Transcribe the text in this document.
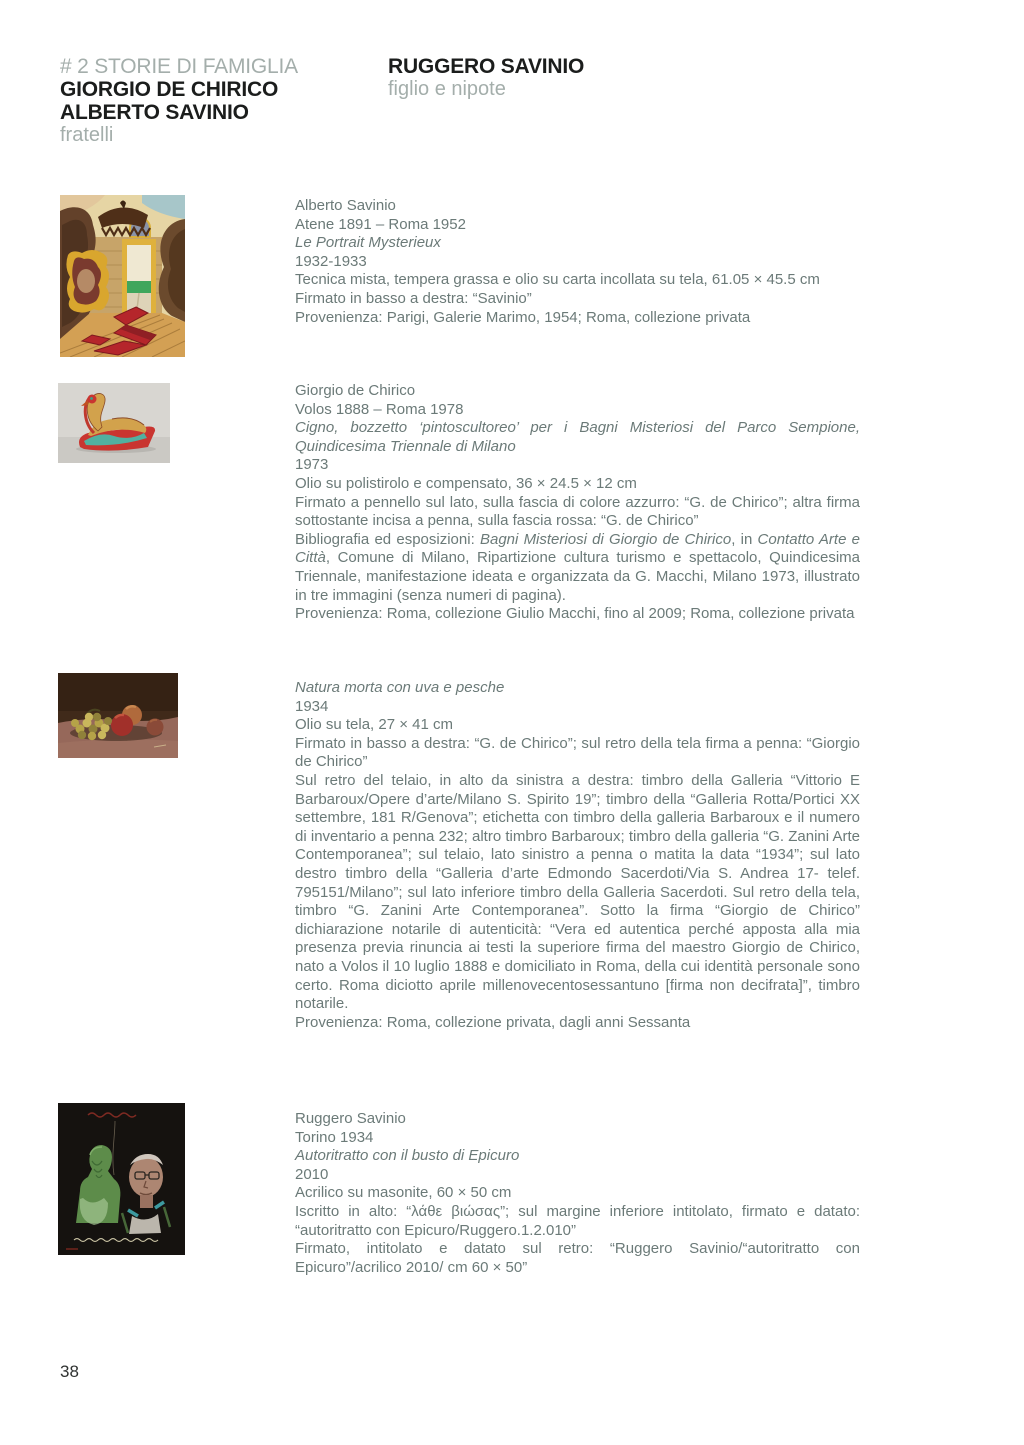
# 2 STORIE DI FAMIGLIA
GIORGIO DE CHIRICO
ALBERTO SAVINIO
fratelli
RUGGERO SAVINIO
figlio e nipote

Alberto Savinio

Atene 1891 – Roma 1952

Le Portrait Mysterieux

1932-1933

Tecnica mista, tempera grassa e olio su carta incollata su tela, 61.05 × 45.5 cm

Firmato in basso a destra: “Savinio”

Provenienza: Parigi, Galerie Marimo, 1954; Roma, collezione privata

Giorgio de Chirico

Volos 1888 – Roma 1978

Cigno, bozzetto ‘pintoscultoreo’ per i Bagni Misteriosi del Parco Sempione, Quindicesima Triennale di Milano

1973

Olio su polistirolo e compensato, 36 × 24.5 × 12 cm

Firmato a pennello sul lato, sulla fascia di colore azzurro: “G. de Chirico”; altra firma sottostante incisa a penna, sulla fascia rossa: “G. de Chirico”

Bibliografia ed esposizioni: Bagni Misteriosi di Giorgio de Chirico, in Contatto Arte e Città, Comune di Milano, Ripartizione cultura turismo e spettacolo, Quindicesima Triennale, manifestazione ideata e organizzata da G. Macchi, Milano 1973, illustrato in tre immagini (senza numeri di pagina).

Provenienza: Roma, collezione Giulio Macchi, fino al 2009; Roma, collezione privata

Natura morta con uva e pesche

1934

Olio su tela, 27 × 41 cm

Firmato in basso a destra: “G. de Chirico”; sul retro della tela firma a penna: “Giorgio de Chirico”

Sul retro del telaio, in alto da sinistra a destra: timbro della Galleria “Vittorio E Barbaroux/Opere d’arte/Milano S. Spirito 19”; timbro della “Galleria Rotta/Portici XX settembre, 181 R/Genova”; etichetta con timbro della galleria Barbaroux e il numero di inventario a penna 232; altro timbro Barbaroux; timbro della galleria “G. Zanini Arte Contemporanea”; sul telaio, lato sinistro a penna o matita la data “1934”; sul lato destro timbro della “Galleria d’arte Edmondo Sacerdoti/Via S. Andrea 17- telef. 795151/Milano”; sul lato inferiore timbro della Galleria Sacerdoti. Sul retro della tela, timbro “G. Zanini Arte Contemporanea”. Sotto la firma “Giorgio de Chirico” dichiarazione notarile di autenticità: “Vera ed autentica perché apposta alla mia presenza previa rinuncia ai testi la superiore firma del maestro Giorgio de Chirico, nato a Volos il 10 luglio 1888 e domiciliato in Roma, della cui identità personale sono certo. Roma diciotto aprile millenovecentosessantuno [firma non decifrata]”, timbro notarile.

Provenienza: Roma, collezione privata, dagli anni Sessanta

Ruggero Savinio

Torino 1934

Autoritratto con il busto di Epicuro

2010

Acrilico su masonite, 60 × 50 cm

Iscritto in alto: “λάθε βιώσας”; sul margine inferiore intitolato, firmato e datato: “autoritratto con Epicuro/Ruggero.1.2.010”

Firmato, intitolato e datato sul retro: “Ruggero Savinio/“autoritratto con Epicuro”/acrilico 2010/ cm 60 × 50”

38
